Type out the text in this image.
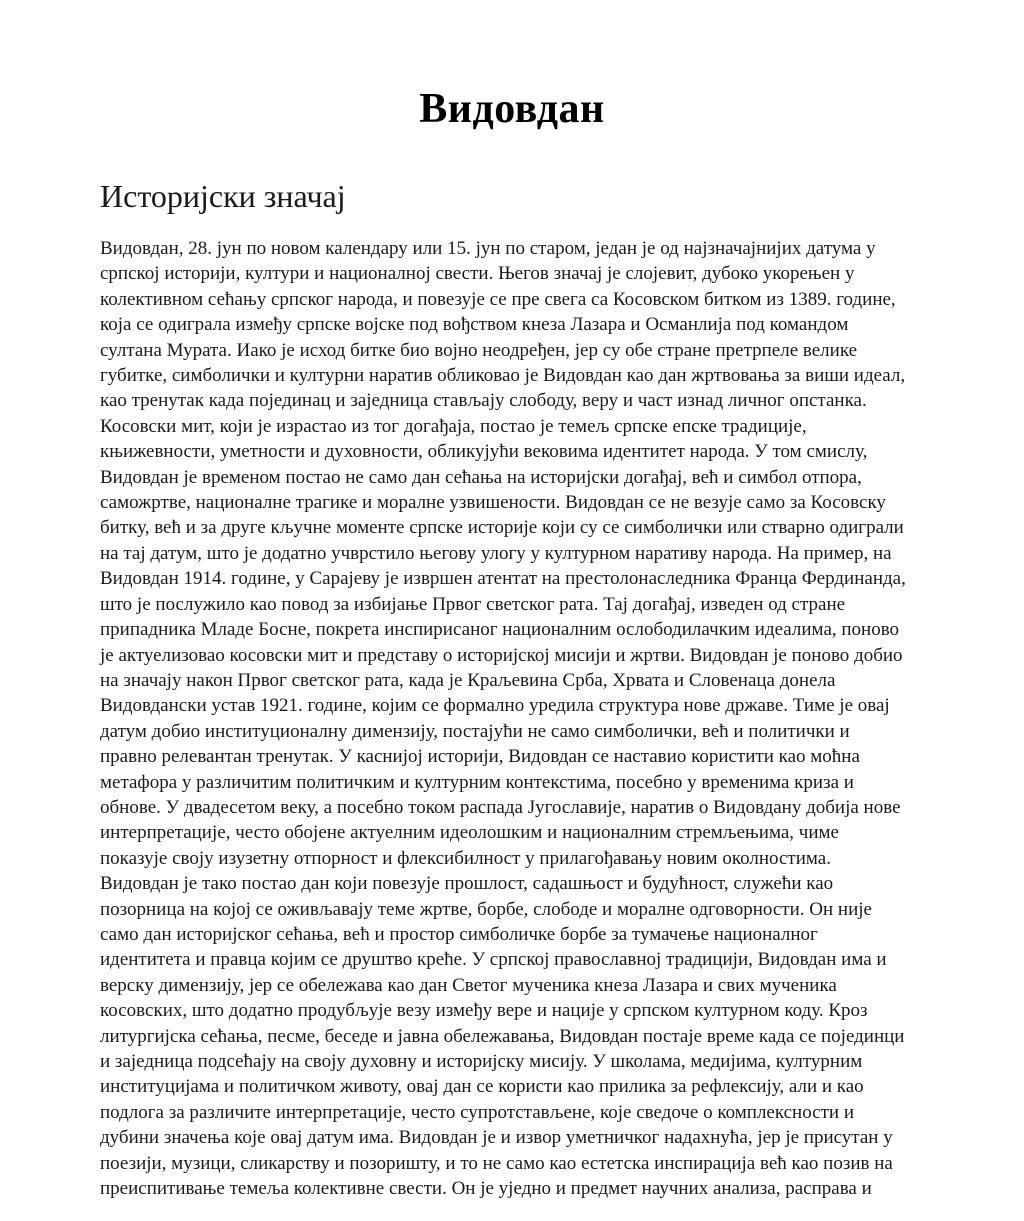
Видовдан
Историјски значај
Видовдан, 28. јун по новом календару или 15. јун по старом, један је од најзначајнијих датума у
српској историји, култури и националној свести. Његов значај је слојевит, дубоко укорењен у
колективном сећању српског народа, и повезује се пре свега са Косовском битком из 1389. године,
која се одиграла између српске војске под вођством кнеза Лазара и Османлија под командом
султана Мурата. Иако је исход битке био војно неодређен, јер су обе стране претрпеле велике
губитке, симболички и културни наратив обликовао је Видовдан као дан жртвовања за виши идеал,
као тренутак када појединац и заједница стављају слободу, веру и част изнад личног опстанка.
Косовски мит, који је израстао из тог догађаја, постао је темељ српске епске традиције,
књижевности, уметности и духовности, обликујући вековима идентитет народа. У том смислу,
Видовдан је временом постао не само дан сећања на историјски догађај, већ и симбол отпора,
саможртве, националне трагике и моралне узвишености. Видовдан се не везује само за Косовску
битку, већ и за друге кључне моменте српске историје који су се симболички или стварно одиграли
на тај датум, што је додатно учврстило његову улогу у културном наративу народа. На пример, на
Видовдан 1914. године, у Сарајеву је извршен атентат на престолонаследника Франца Фердинанда,
што је послужило као повод за избијање Првог светског рата. Тај догађај, изведен од стране
припадника Младе Босне, покрета инспирисаног националним ослободилачким идеалима, поново
је актуелизовао косовски мит и представу о историјској мисији и жртви. Видовдан је поново добио
на значају након Првог светског рата, када је Краљевина Срба, Хрвата и Словенаца донела
Видовдански устав 1921. године, којим се формално уредила структура нове државе. Тиме је овај
датум добио институционалну димензију, постајући не само симболички, већ и политички и
правно релевантан тренутак. У каснијој историји, Видовдан се наставио користити као моћна
метафора у различитим политичким и културним контекстима, посебно у временима криза и
обнове. У двадесетом веку, а посебно током распада Југославије, наратив о Видовдану добија нове
интерпретације, често обојене актуелним идеолошким и националним стремљењима, чиме
показује своју изузетну отпорност и флексибилност у прилагођавању новим околностима.
Видовдан је тако постао дан који повезује прошлост, садашњост и будућност, служећи као
позорница на којој се оживљавају теме жртве, борбе, слободе и моралне одговорности. Он није
само дан историјског сећања, већ и простор симболичке борбе за тумачење националног
идентитета и правца којим се друштво креће. У српској православној традицији, Видовдан има и
верску димензију, јер се обележава као дан Светог мученика кнеза Лазара и свих мученика
косовских, што додатно продубљује везу између вере и нације у српском културном коду. Кроз
литургијска сећања, песме, беседе и јавна обележавања, Видовдан постаје време када се појединци
и заједница подсећају на своју духовну и историјску мисију. У школама, медијима, културним
институцијама и политичком животу, овај дан се користи као прилика за рефлексију, али и као
подлога за различите интерпретације, често супротстављене, које сведоче о комплексности и
дубини значења које овај датум има. Видовдан је и извор уметничког надахнућа, јер је присутан у
поезији, музици, сликарству и позоришту, и то не само као естетска инспирација већ као позив на
преиспитивање темеља колективне свести. Он је уједно и предмет научних анализа, расправа и
